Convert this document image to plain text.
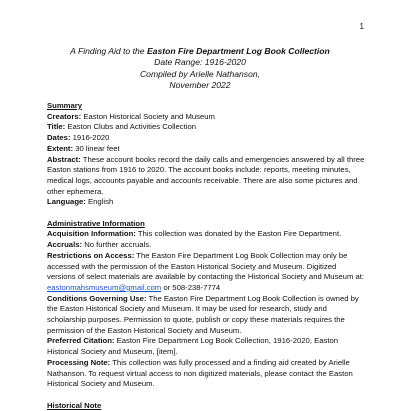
1
A Finding Aid to the Easton Fire Department Log Book Collection
Date Range: 1916-2020
Compiled by Arielle Nathanson,
November 2022
Summary
Creators: Easton Historical Society and Museum
Title: Easton Clubs and Activities Collection
Dates: 1916-2020
Extent: 30 linear feet
Abstract: These account books record the daily calls and emergencies answered by all three Easton stations from 1916 to 2020. The account books include: reports, meeting minutes, medical logs, accounts payable and accounts receivable. There are also some pictures and other ephemera.
Language: English
Administrative Information
Acquisition Information: This collection was donated by the Easton Fire Department.
Accruals: No further accruals.
Restrictions on Access: The Easton Fire Department Log Book Collection may only be accessed with the permission of the Easton Historical Society and Museum. Digitized versions of select materials are available by contacting the Historical Society and Museum at: eastonmahsmuseum@gmail.com or 508-238-7774
Conditions Governing Use: The Easton Fire Department Log Book Collection is owned by the Easton Historical Society and Museum. It may be used for research, study and scholarship purposes. Permission to quote, publish or copy these materials requires the permission of the Easton Historical Society and Museum.
Preferred Citation: Easton Fire Department Log Book Collection, 1916-2020, Easton Historical Society and Museum, [item].
Processing Note: This collection was fully processed and a finding aid created by Arielle Nathanson. To request virtual access to non digitized materials, please contact the Easton Historical Society and Museum.
Historical Note
